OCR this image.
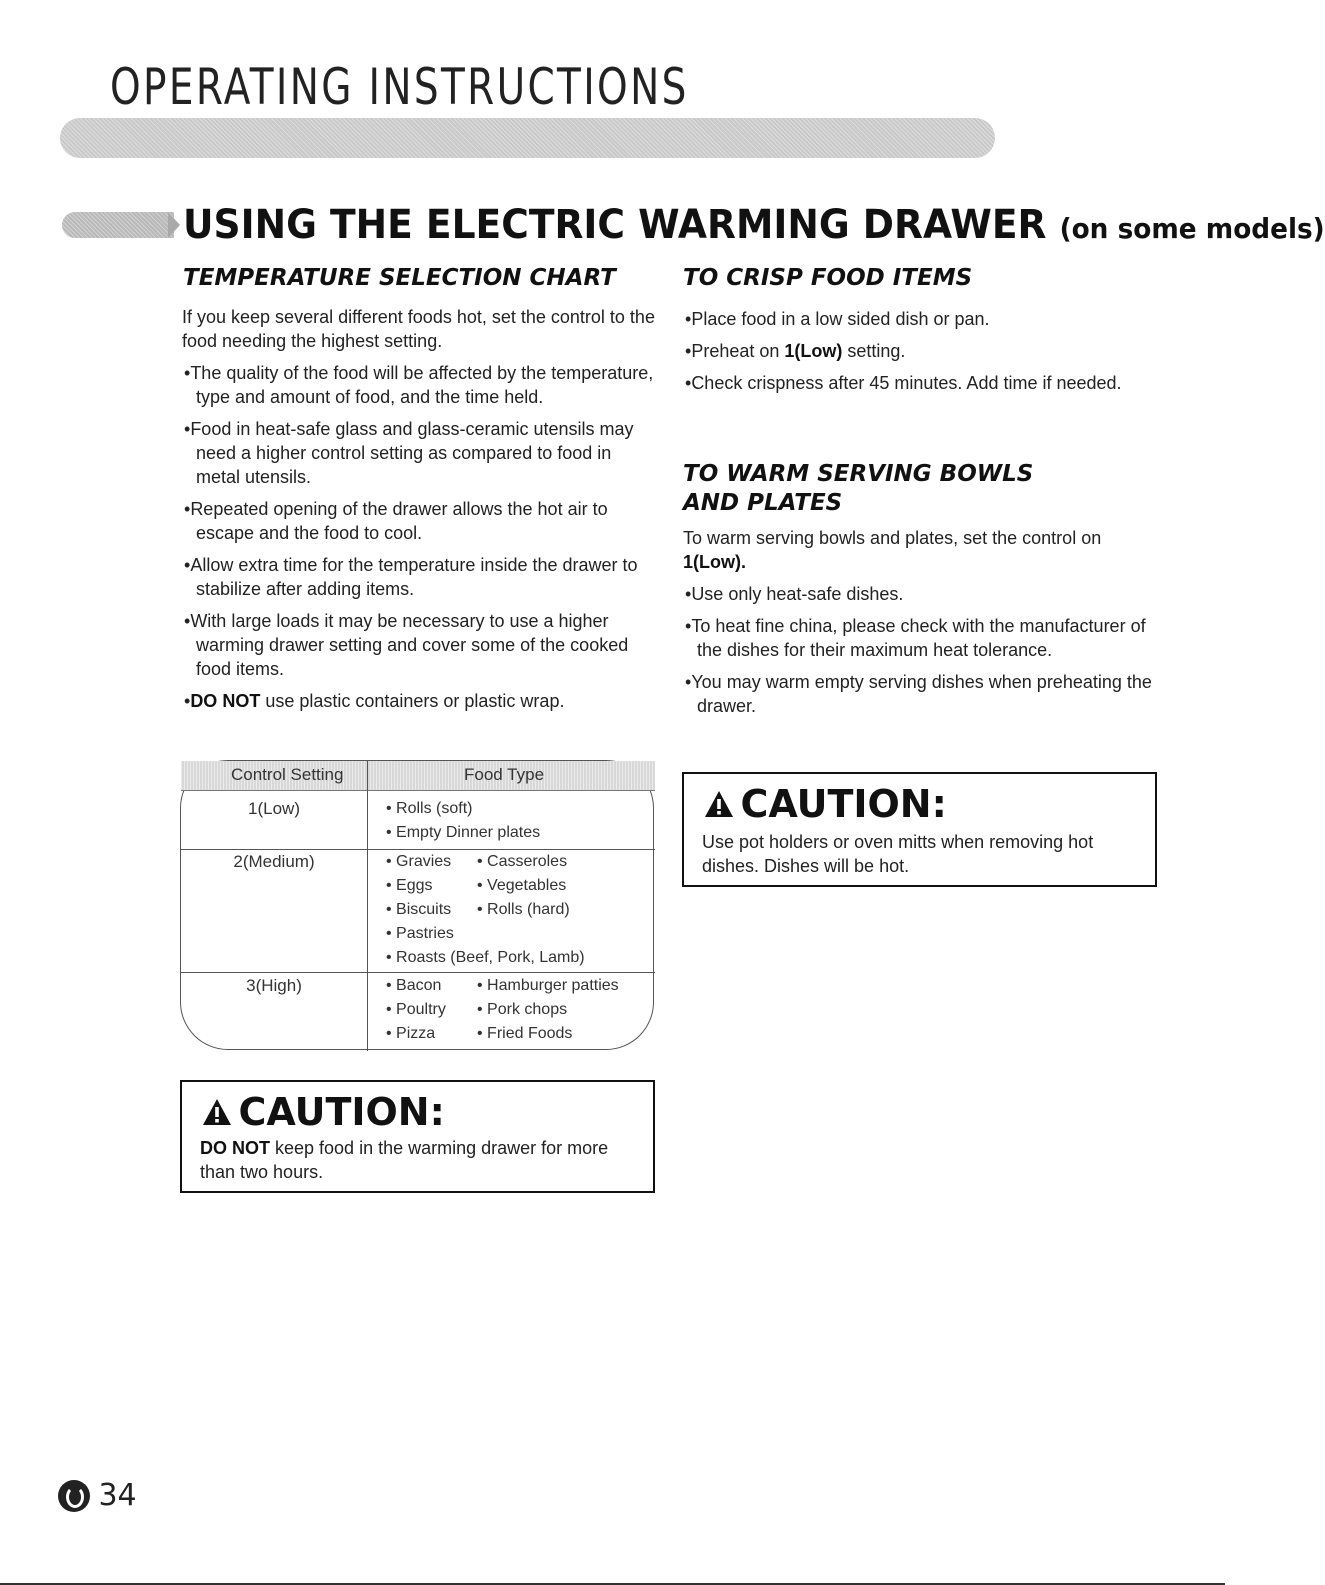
OPERATING INSTRUCTIONS
USING THE ELECTRIC WARMING DRAWER (on some models)
TEMPERATURE SELECTION CHART

If you keep several different foods hot, set the control to the food needing the highest setting.

• The quality of the food will be affected by the temperature, type and amount of food, and the time held.

• Food in heat-safe glass and glass-ceramic utensils may need a higher control setting as compared to food in metal utensils.

• Repeated opening of the drawer allows the hot air to escape and the food to cool.

• Allow extra time for the temperature inside the drawer to stabilize after adding items.

• With large loads it may be necessary to use a higher warming drawer setting and cover some of the cooked food items.

• DO NOT use plastic containers or plastic wrap.

Control Setting	Food Type
1(Low)	• Rolls (soft)
• Empty Dinner plates
2(Medium)	• Gravies • Casseroles
• Eggs	• Vegetables
• Biscuits • Rolls (hard)
• Pastries
• Roasts (Beef, Pork, Lamb)
3(High)	• Bacon • Hamburger patties
• Poultry • Pork chops
• Pizza	• Fried Foods
CAUTION:
DO NOT keep food in the warming drawer for more than two hours.
TO CRISP FOOD ITEMS

• Place food in a low sided dish or pan.

• Preheat on 1(Low) setting.

• Check crispness after 45 minutes. Add time if needed.

TO WARM SERVING BOWLS
AND PLATES

To warm serving bowls and plates, set the control on 1(Low).

• Use only heat-safe dishes.

• To heat fine china, please check with the manufacturer of the dishes for their maximum heat tolerance.

• You may warm empty serving dishes when preheating the drawer.

CAUTION:
Use pot holders or oven mitts when removing hot dishes. Dishes will be hot.
34
